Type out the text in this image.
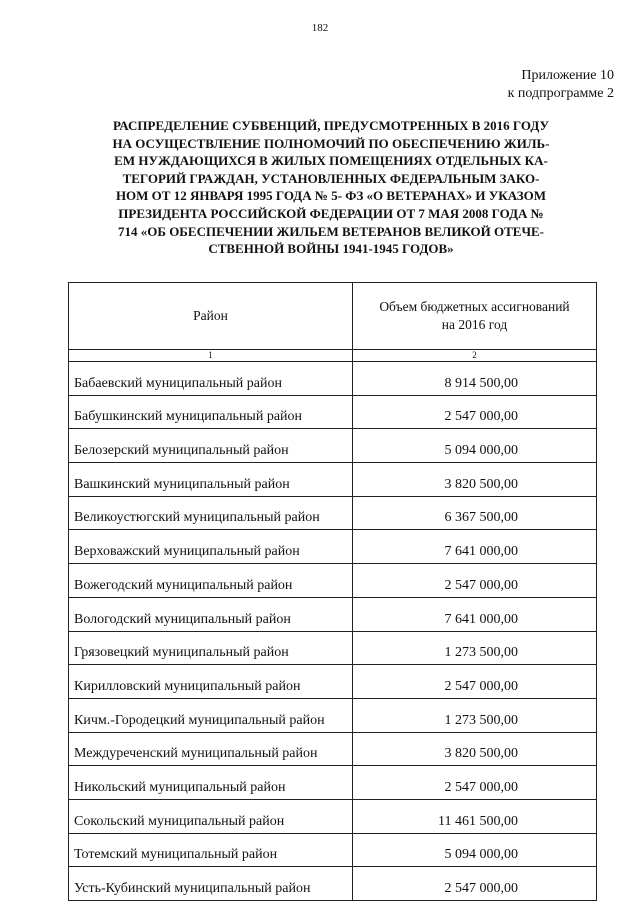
182
Приложение 10
к подпрограмме 2
РАСПРЕДЕЛЕНИЕ СУБВЕНЦИЙ, ПРЕДУСМОТРЕННЫХ В 2016 ГОДУ
НА ОСУЩЕСТВЛЕНИЕ ПОЛНОМОЧИЙ ПО ОБЕСПЕЧЕНИЮ ЖИЛЬ-
ЕМ НУЖДАЮЩИХСЯ В ЖИЛЫХ ПОМЕЩЕНИЯХ ОТДЕЛЬНЫХ КА-
ТЕГОРИЙ ГРАЖДАН, УСТАНОВЛЕННЫХ ФЕДЕРАЛЬНЫМ ЗАКО-
НОМ ОТ 12 ЯНВАРЯ 1995 ГОДА № 5- ФЗ «О ВЕТЕРАНАХ» И УКАЗОМ
ПРЕЗИДЕНТА РОССИЙСКОЙ ФЕДЕРАЦИИ ОТ 7 МАЯ 2008 ГОДА №
714 «ОБ ОБЕСПЕЧЕНИИ ЖИЛЬЕМ ВЕТЕРАНОВ ВЕЛИКОЙ ОТЕЧЕ-
СТВЕННОЙ ВОЙНЫ 1941-1945 ГОДОВ»
Район	Объем бюджетных ассигнований
на 2016 год

1	2
Бабаевский муниципальный район	8 914 500,00
Бабушкинский муниципальный район	2 547 000,00
Белозерский муниципальный район	5 094 000,00
Вашкинский муниципальный район	3 820 500,00
Великоустюгский муниципальный район	6 367 500,00
Верховажский муниципальный район	7 641 000,00
Вожегодский муниципальный район	2 547 000,00
Вологодский муниципальный район	7 641 000,00
Грязовецкий муниципальный район	1 273 500,00
Кирилловский муниципальный район	2 547 000,00
Кичм.-Городецкий муниципальный район	1 273 500,00
Междуреченский муниципальный район	3 820 500,00
Никольский муниципальный район	2 547 000,00
Сокольский муниципальный район	11 461 500,00
Тотемский муниципальный район	5 094 000,00
Усть-Кубинский муниципальный район	2 547 000,00
